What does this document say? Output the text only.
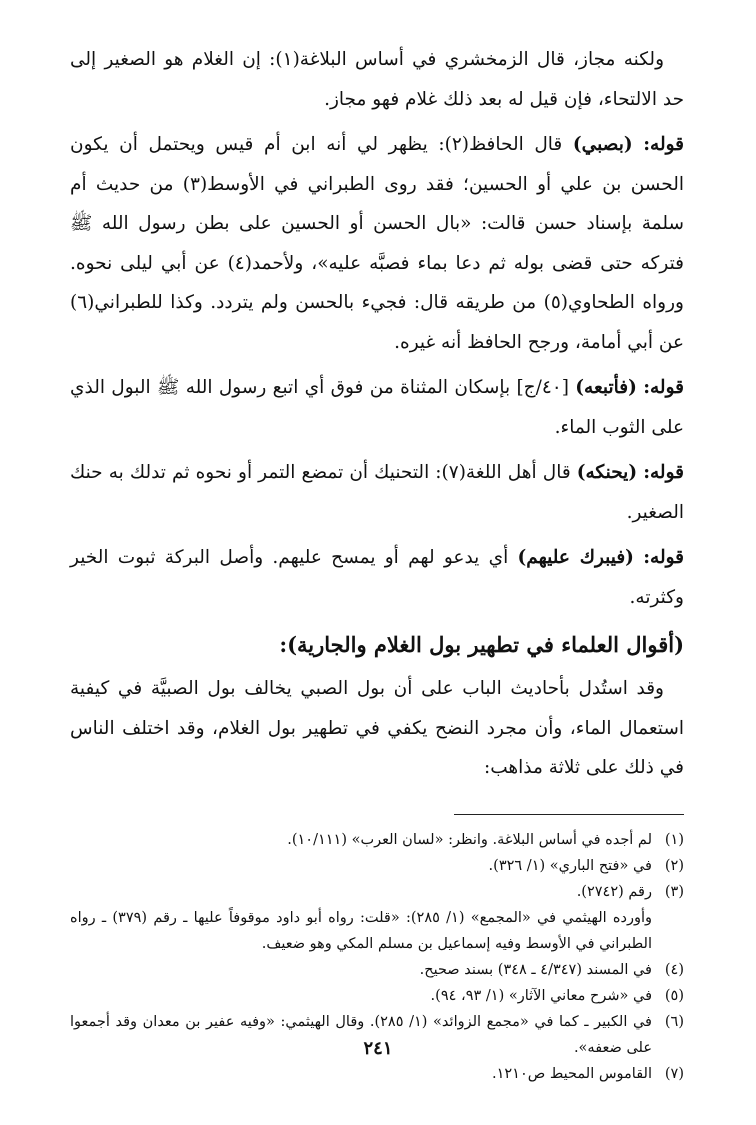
ولكنه مجاز، قال الزمخشري في أساس البلاغة(١): إن الغلام هو الصغير إلى حد الالتحاء، فإن قيل له بعد ذلك غلام فهو مجاز.

قوله: (بصبي) قال الحافظ(٢): يظهر لي أنه ابن أم قيس ويحتمل أن يكون الحسن بن علي أو الحسين؛ فقد روى الطبراني في الأوسط(٣) من حديث أم سلمة بإسناد حسن قالت: «بال الحسن أو الحسين على بطن رسول الله ﷺ فتركه حتى قضى بوله ثم دعا بماء فصبَّه عليه»، ولأحمد(٤) عن أبي ليلى نحوه. ورواه الطحاوي(٥) من طريقه قال: فجيء بالحسن ولم يتردد. وكذا للطبراني(٦) عن أبي أمامة، ورجح الحافظ أنه غيره.

قوله: (فأتبعه) [٤٠/ج] بإسكان المثناة من فوق أي اتبع رسول الله ﷺ البول الذي على الثوب الماء.

قوله: (يحنكه) قال أهل اللغة(٧): التحنيك أن تمضع التمر أو نحوه ثم تدلك به حنك الصغير.

قوله: (فيبرك عليهم) أي يدعو لهم أو يمسح عليهم. وأصل البركة ثبوت الخير وكثرته.

(أقوال العلماء في تطهير بول الغلام والجارية):

وقد استُدل بأحاديث الباب على أن بول الصبي يخالف بول الصبيَّة في كيفية استعمال الماء، وأن مجرد النضح يكفي في تطهير بول الغلام، وقد اختلف الناس في ذلك على ثلاثة مذاهب:

(١)
لم أجده في أساس البلاغة. وانظر: «لسان العرب» (١٠/١١١).
(٢)
في «فتح الباري» (١/ ٣٢٦).
(٣)
رقم (٢٧٤٢).
وأورده الهيثمي في «المجمع» (١/ ٢٨٥): «قلت: رواه أبو داود موقوفاً عليها ـ رقم (٣٧٩) ـ رواه الطبراني في الأوسط وفيه إسماعيل بن مسلم المكي وهو ضعيف.
(٤)
في المسند (٤/٣٤٧ ـ ٣٤٨) بسند صحيح.
(٥)
في «شرح معاني الآثار» (١/ ٩٣، ٩٤).
(٦)
في الكبير ـ كما في «مجمع الزوائد» (١/ ٢٨٥). وقال الهيثمي: «وفيه عفير بن معدان وقد أجمعوا على ضعفه».
(٧)
القاموس المحيط ص١٢١٠.
٢٤١
